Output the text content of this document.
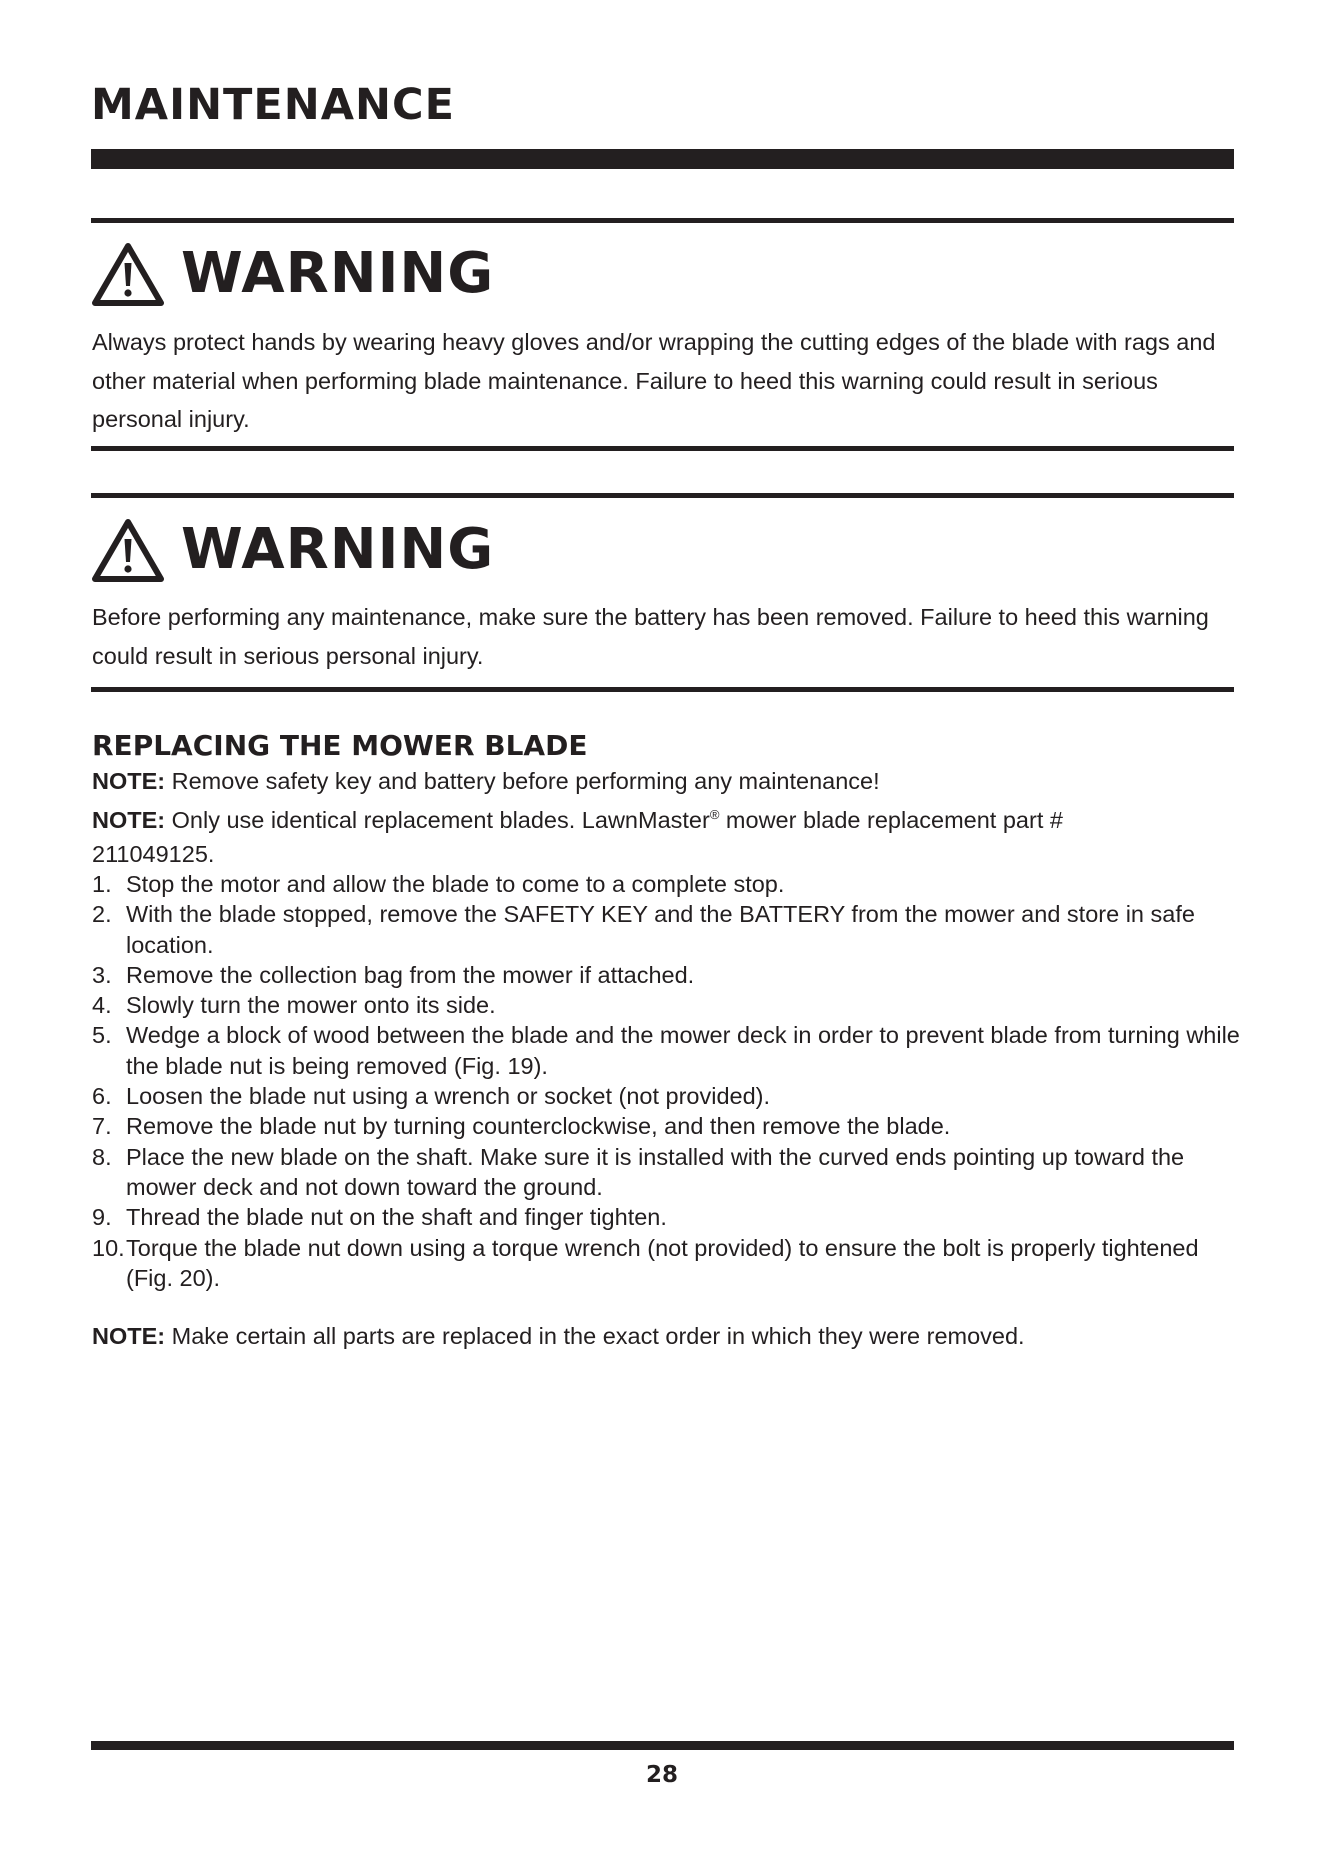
MAINTENANCE
WARNING

Always protect hands by wearing heavy gloves and/or wrapping the cutting edges of the blade with rags and other material when performing blade maintenance. Failure to heed this warning could result in serious personal injury.

WARNING

Before performing any maintenance, make sure the battery has been removed. Failure to heed this warning could result in serious personal injury.

REPLACING THE MOWER BLADE

NOTE: Remove safety key and battery before performing any maintenance!

NOTE: Only use identical replacement blades. LawnMaster® mower blade replacement part # 211049125.

1. Stop the motor and allow the blade to come to a complete stop.
2. With the blade stopped, remove the SAFETY KEY and the BATTERY from the mower and store in safe location.
3. Remove the collection bag from the mower if attached.
4. Slowly turn the mower onto its side.
5. Wedge a block of wood between the blade and the mower deck in order to prevent blade from turning while the blade nut is being removed (Fig. 19).
6. Loosen the blade nut using a wrench or socket (not provided).
7. Remove the blade nut by turning counterclockwise, and then remove the blade.
8. Place the new blade on the shaft. Make sure it is installed with the curved ends pointing up toward the mower deck and not down toward the ground.
9. Thread the blade nut on the shaft and finger tighten.
10. Torque the blade nut down using a torque wrench (not provided) to ensure the bolt is properly tightened (Fig. 20).

NOTE: Make certain all parts are replaced in the exact order in which they were removed.

28
